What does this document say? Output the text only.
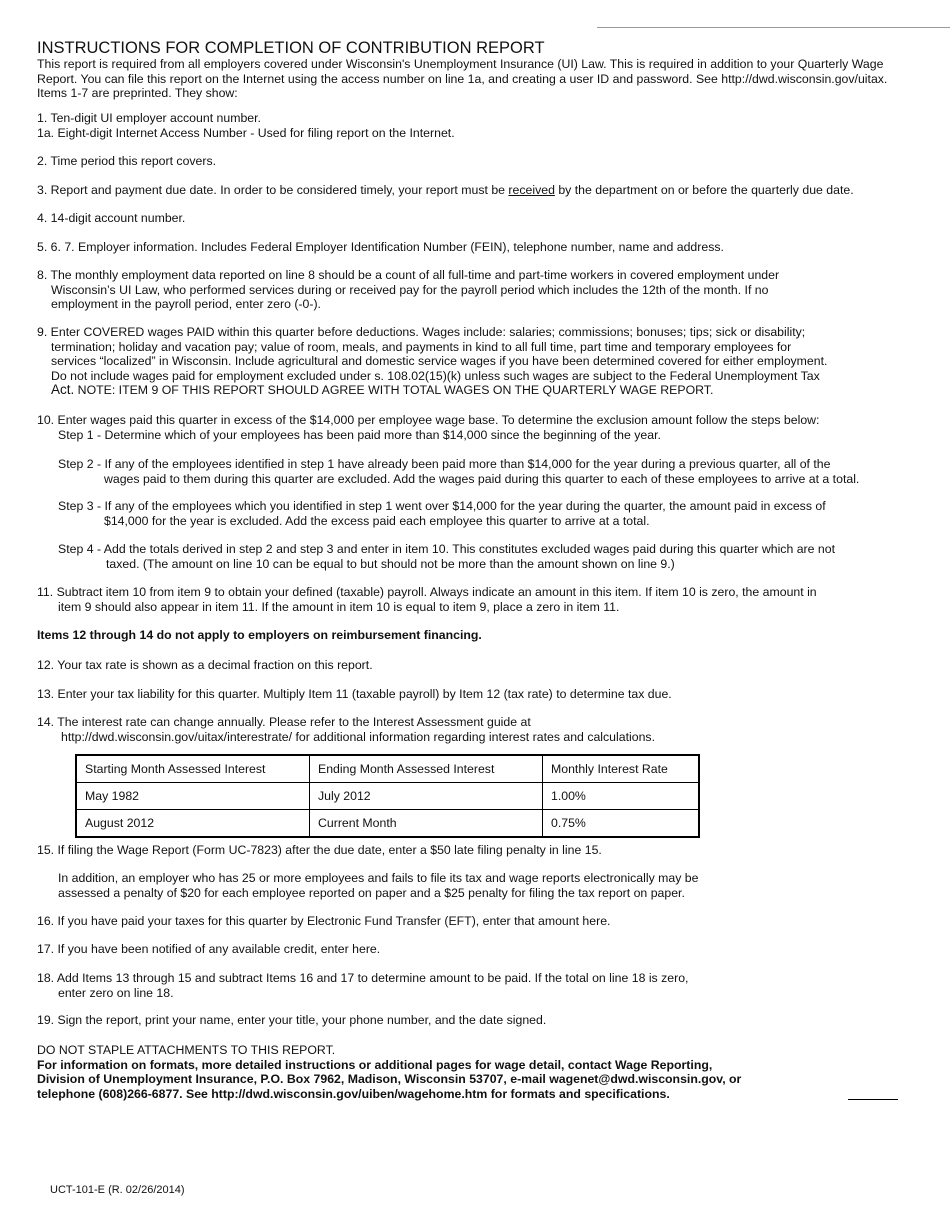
INSTRUCTIONS FOR COMPLETION OF CONTRIBUTION REPORT
This report is required from all employers covered under Wisconsin's Unemployment Insurance (UI) Law. This is required in addition to your Quarterly Wage Report. You can file this report on the Internet using the access number on line 1a, and creating a user ID and password. See http://dwd.wisconsin.gov/uitax. Items 1-7 are preprinted. They show:
1. Ten-digit UI employer account number.
1a. Eight-digit Internet Access Number - Used for filing report on the Internet.
2. Time period this report covers.
3. Report and payment due date. In order to be considered timely, your report must be received by the department on or before the quarterly due date.
4. 14-digit account number.
5. 6. 7. Employer information. Includes Federal Employer Identification Number (FEIN), telephone number, name and address.
8. The monthly employment data reported on line 8 should be a count of all full-time and part-time workers in covered employment under
Wisconsin’s UI Law, who performed services during or received pay for the payroll period which includes the 12th of the month. If no
employment in the payroll period, enter zero (-0-).
9. Enter COVERED wages PAID within this quarter before deductions. Wages include: salaries; commissions; bonuses; tips; sick or disability;
termination; holiday and vacation pay; value of room, meals, and payments in kind to all full time, part time and temporary employees for
services “localized” in Wisconsin. Include agricultural and domestic service wages if you have been determined covered for either employment.
Do not include wages paid for employment excluded under s. 108.02(15)(k) unless such wages are subject to the Federal Unemployment Tax
Act. NOTE: ITEM 9 OF THIS REPORT SHOULD AGREE WITH TOTAL WAGES ON THE QUARTERLY WAGE REPORT.
10. Enter wages paid this quarter in excess of the $14,000 per employee wage base. To determine the exclusion amount follow the steps below:
Step 1 - Determine which of your employees has been paid more than $14,000 since the beginning of the year.
Step 2 - If any of the employees identified in step 1 have already been paid more than $14,000 for the year during a previous quarter, all of the
wages paid to them during this quarter are excluded. Add the wages paid during this quarter to each of these employees to arrive at a total.
Step 3 - If any of the employees which you identified in step 1 went over $14,000 for the year during the quarter, the amount paid in excess of
$14,000 for the year is excluded. Add the excess paid each employee this quarter to arrive at a total.
Step 4 - Add the totals derived in step 2 and step 3 and enter in item 10. This constitutes excluded wages paid during this quarter which are not
taxed. (The amount on line 10 can be equal to but should not be more than the amount shown on line 9.)
11. Subtract item 10 from item 9 to obtain your defined (taxable) payroll. Always indicate an amount in this item. If item 10 is zero, the amount in
item 9 should also appear in item 11. If the amount in item 10 is equal to item 9, place a zero in item 11.
Items 12 through 14 do not apply to employers on reimbursement financing.
12. Your tax rate is shown as a decimal fraction on this report.
13. Enter your tax liability for this quarter. Multiply Item 11 (taxable payroll) by Item 12 (tax rate) to determine tax due.
14. The interest rate can change annually. Please refer to the Interest Assessment guide at
http://dwd.wisconsin.gov/uitax/interestrate/ for additional information regarding interest rates and calculations.
Starting Month Assessed Interest	Ending Month Assessed Interest	Monthly Interest Rate
May 1982	July 2012	1.00%
August 2012	Current Month	0.75%
15. If filing the Wage Report (Form UC-7823) after the due date, enter a $50 late filing penalty in line 15.
In addition, an employer who has 25 or more employees and fails to file its tax and wage reports electronically may be
assessed a penalty of $20 for each employee reported on paper and a $25 penalty for filing the tax report on paper.
16. If you have paid your taxes for this quarter by Electronic Fund Transfer (EFT), enter that amount here.
17. If you have been notified of any available credit, enter here.
18. Add Items 13 through 15 and subtract Items 16 and 17 to determine amount to be paid. If the total on line 18 is zero,
enter zero on line 18.
19. Sign the report, print your name, enter your title, your phone number, and the date signed.
DO NOT STAPLE ATTACHMENTS TO THIS REPORT.
For information on formats, more detailed instructions or additional pages for wage detail, contact Wage Reporting,
Division of Unemployment Insurance, P.O. Box 7962, Madison, Wisconsin 53707, e-mail wagenet@dwd.wisconsin.gov, or
telephone (608)266-6877. See http://dwd.wisconsin.gov/uiben/wagehome.htm for formats and specifications.
UCT-101-E (R. 02/26/2014)
